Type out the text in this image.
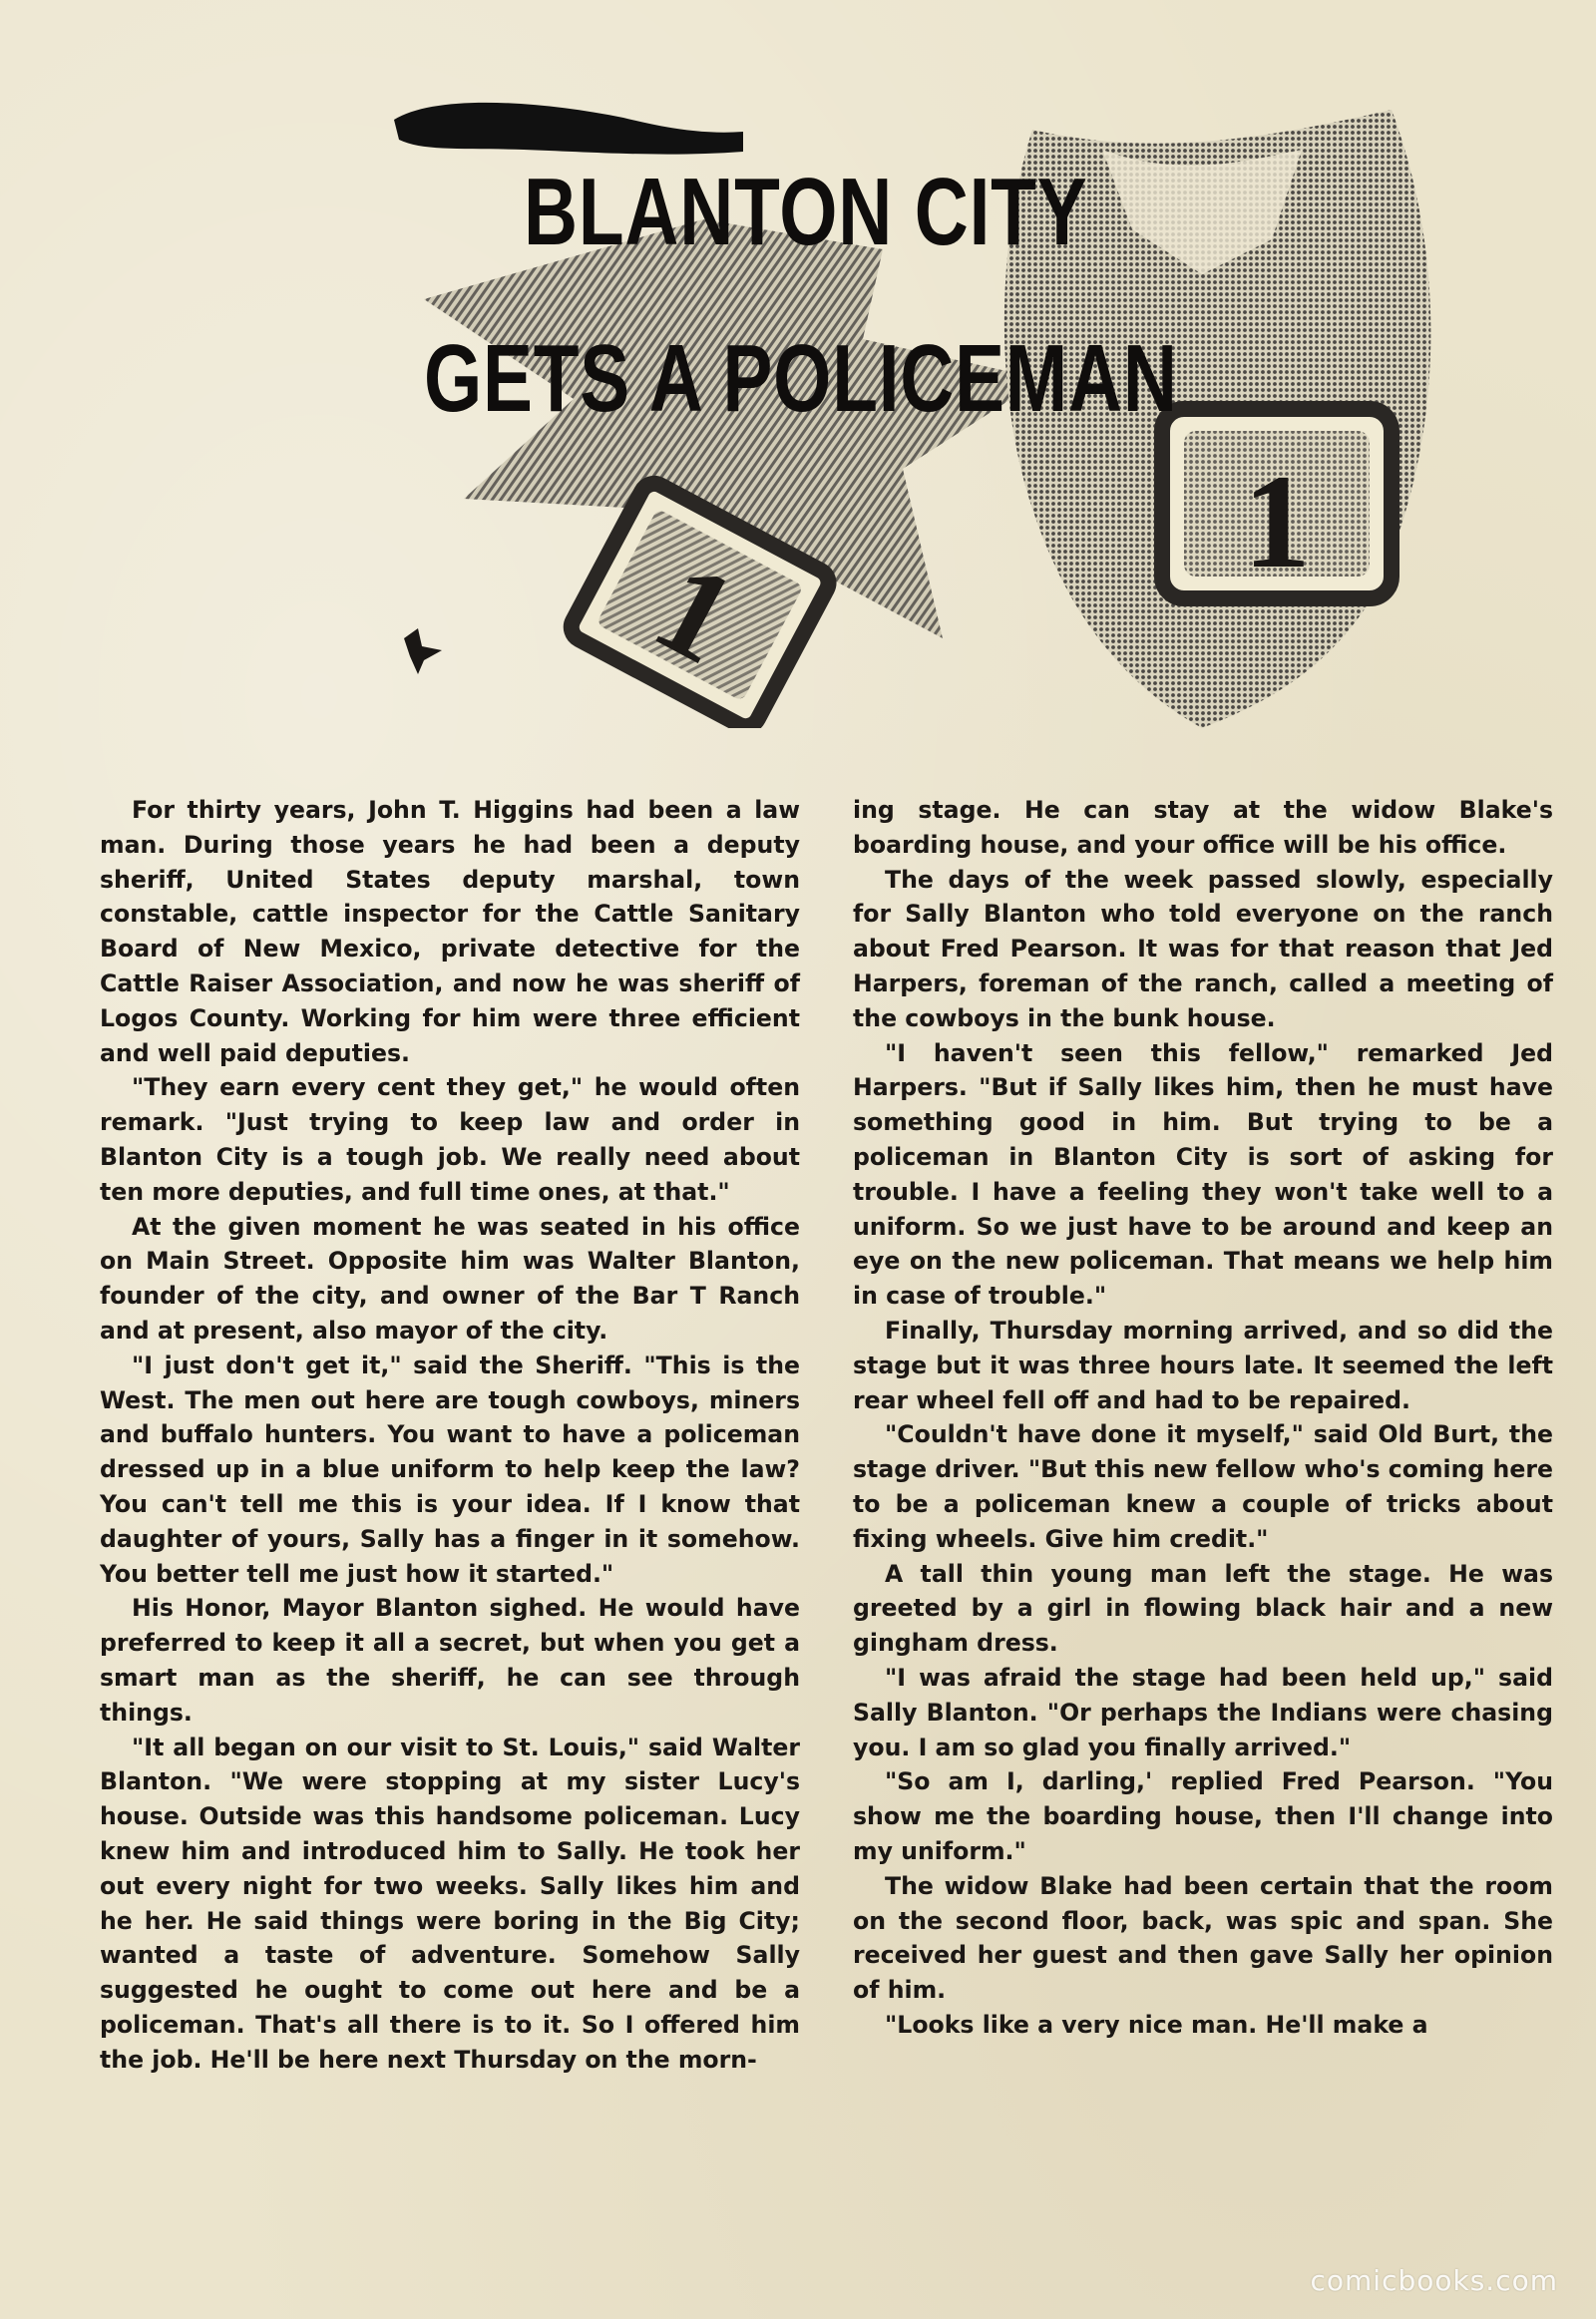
1
1
BLANTON CITY
GETS A POLICEMAN

For thirty years, John T. Higgins had been a law man. During those years he had been a deputy sheriff, United States deputy marshal, town constable, cattle inspector for the Cattle Sanitary Board of New Mexico, private detective for the Cattle Raiser Association, and now he was sheriff of Logos County. Working for him were three efficient and well paid deputies.

"They earn every cent they get," he would often remark. "Just trying to keep law and order in Blanton City is a tough job. We really need about ten more deputies, and full time ones, at that."

At the given moment he was seated in his office on Main Street. Opposite him was Walter Blanton, founder of the city, and owner of the Bar T Ranch and at present, also mayor of the city.

"I just don't get it," said the Sheriff. "This is the West. The men out here are tough cowboys, miners and buffalo hunters. You want to have a policeman dressed up in a blue uniform to help keep the law? You can't tell me this is your idea. If I know that daughter of yours, Sally has a finger in it somehow. You better tell me just how it started."

His Honor, Mayor Blanton sighed. He would have preferred to keep it all a secret, but when you get a smart man as the sheriff, he can see through things.

"It all began on our visit to St. Louis," said Walter Blanton. "We were stopping at my sister Lucy's house. Outside was this handsome policeman. Lucy knew him and introduced him to Sally. He took her out every night for two weeks. Sally likes him and he her. He said things were boring in the Big City; wanted a taste of adventure. Somehow Sally suggested he ought to come out here and be a policeman. That's all there is to it. So I offered him the job. He'll be here next Thursday on the morn-

ing stage. He can stay at the widow Blake's boarding house, and your office will be his office.

The days of the week passed slowly, especially for Sally Blanton who told everyone on the ranch about Fred Pearson. It was for that reason that Jed Harpers, foreman of the ranch, called a meeting of the cowboys in the bunk house.

"I haven't seen this fellow," remarked Jed Harpers. "But if Sally likes him, then he must have something good in him. But trying to be a policeman in Blanton City is sort of asking for trouble. I have a feeling they won't take well to a uniform. So we just have to be around and keep an eye on the new policeman. That means we help him in case of trouble."

Finally, Thursday morning arrived, and so did the stage but it was three hours late. It seemed the left rear wheel fell off and had to be repaired.

"Couldn't have done it myself," said Old Burt, the stage driver. "But this new fellow who's coming here to be a policeman knew a couple of tricks about fixing wheels. Give him credit."

A tall thin young man left the stage. He was greeted by a girl in flowing black hair and a new gingham dress.

"I was afraid the stage had been held up," said Sally Blanton. "Or perhaps the Indians were chasing you. I am so glad you finally arrived."

"So am I, darling,' replied Fred Pearson. "You show me the boarding house, then I'll change into my uniform."

The widow Blake had been certain that the room on the second floor, back, was spic and span. She received her guest and then gave Sally her opinion of him.

"Looks like a very nice man. He'll make a

comicbooks.com
